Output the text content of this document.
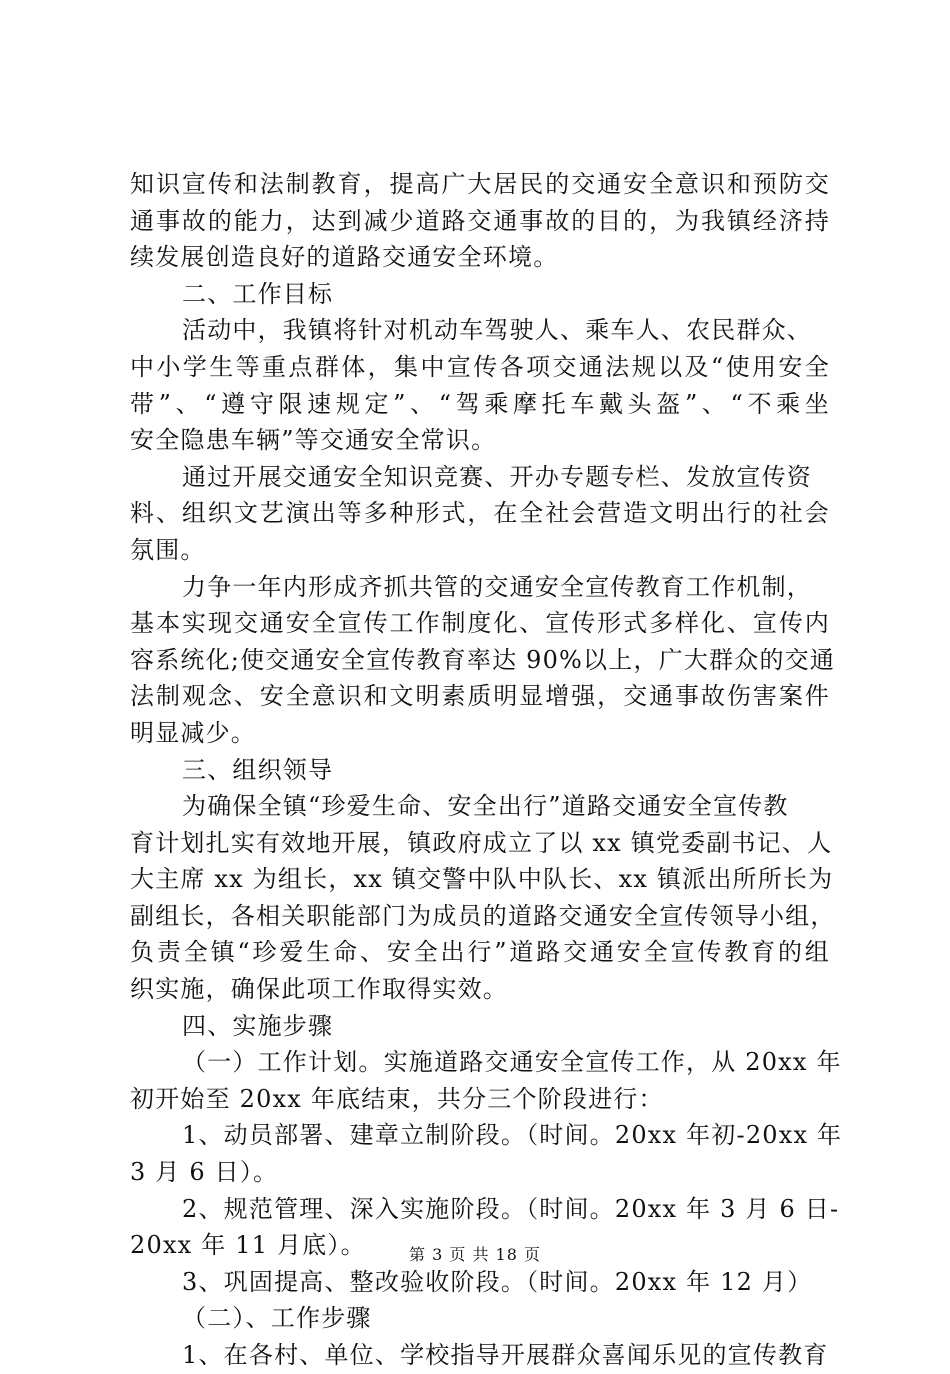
知识宣传和法制教育，提高广大居民的交通安全意识和预防交
通事故的能力，达到减少道路交通事故的目的，为我镇经济持
续发展创造良好的道路交通安全环境。
二、工作目标
活动中，我镇将针对机动车驾驶人、乘车人、农民群众、
中小学生等重点群体，集中宣传各项交通法规以及“使用安全
带”、“遵守限速规定”、“驾乘摩托车戴头盔”、“不乘坐
安全隐患车辆”等交通安全常识。
通过开展交通安全知识竞赛、开办专题专栏、发放宣传资
料、组织文艺演出等多种形式，在全社会营造文明出行的社会
氛围。
力争一年内形成齐抓共管的交通安全宣传教育工作机制，
基本实现交通安全宣传工作制度化、宣传形式多样化、宣传内
容系统化;使交通安全宣传教育率达 90%以上，广大群众的交通
法制观念、安全意识和文明素质明显增强，交通事故伤害案件
明显减少。
三、组织领导
为确保全镇“珍爱生命、安全出行”道路交通安全宣传教
育计划扎实有效地开展，镇政府成立了以 xx 镇党委副书记、人
大主席 xx 为组长，xx 镇交警中队中队长、xx 镇派出所所长为
副组长，各相关职能部门为成员的道路交通安全宣传领导小组，
负责全镇“珍爱生命、安全出行”道路交通安全宣传教育的组
织实施，确保此项工作取得实效。
四、实施步骤
（一）工作计划。实施道路交通安全宣传工作，从 20xx 年
初开始至 20xx 年底结束，共分三个阶段进行：
1、动员部署、建章立制阶段。（时间。20xx 年初-20xx 年
3 月 6 日）。
2、规范管理、深入实施阶段。（时间。20xx 年 3 月 6 日-
20xx 年 11 月底）。
3、巩固提高、整改验收阶段。（时间。20xx 年 12 月）
（二）、工作步骤
1、在各村、单位、学校指导开展群众喜闻乐见的宣传教育
第 3 页 共 18 页
